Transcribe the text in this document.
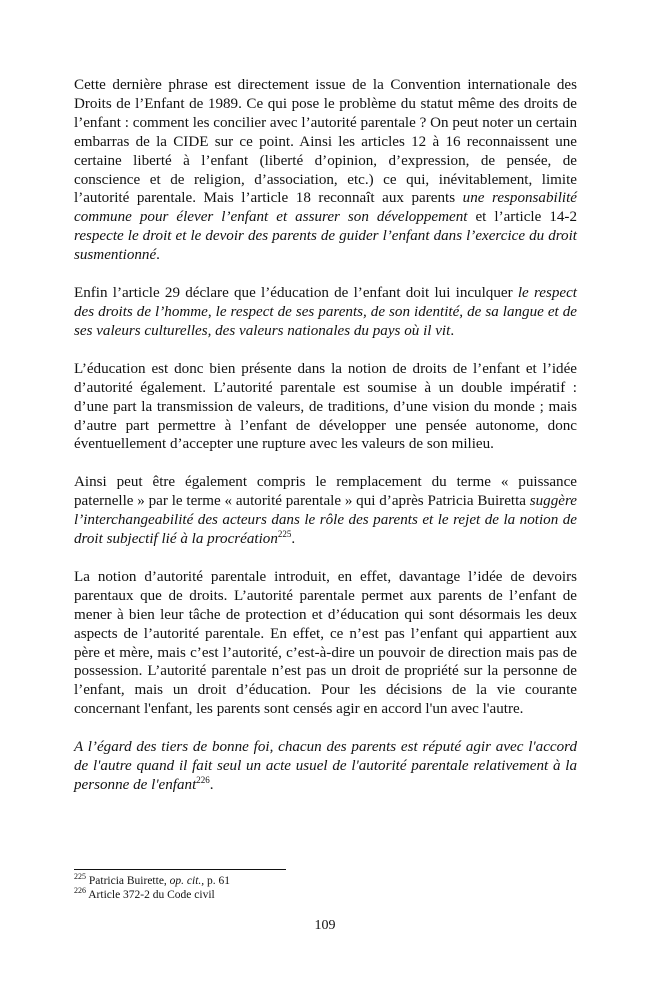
Cette dernière phrase est directement issue de la Convention internationale des Droits de l’Enfant de 1989. Ce qui pose le problème du statut même des droits de l’enfant : comment les concilier avec l’autorité parentale ? On peut noter un certain embarras de la CIDE sur ce point. Ainsi les articles 12 à 16 reconnaissent une certaine liberté à l’enfant (liberté d’opinion, d’expression, de pensée, de conscience et de religion, d’association, etc.) ce qui, inévitablement, limite l’autorité parentale. Mais l’article 18 reconnaît aux parents une responsabilité commune pour élever l’enfant et assurer son développement et l’article 14-2 respecte le droit et le devoir des parents de guider l’enfant dans l’exercice du droit susmentionné.

Enfin l’article 29 déclare que l’éducation de l’enfant doit lui inculquer le respect des droits de l’homme, le respect de ses parents, de son identité, de sa langue et de ses valeurs culturelles, des valeurs nationales du pays où il vit.

L’éducation est donc bien présente dans la notion de droits de l’enfant et l’idée d’autorité également. L’autorité parentale est soumise à un double impératif : d’une part la transmission de valeurs, de traditions, d’une vision du monde ; mais d’autre part permettre à l’enfant de développer une pensée autonome, donc éventuellement d’accepter une rupture avec les valeurs de son milieu.

Ainsi peut être également compris le remplacement du terme « puissance paternelle » par le terme « autorité parentale » qui d’après Patricia Buiretta suggère l’interchangeabilité des acteurs dans le rôle des parents et le rejet de la notion de droit subjectif lié à la procréation$^{225}$.

La notion d’autorité parentale introduit, en effet, davantage l’idée de devoirs parentaux que de droits. L’autorité parentale permet aux parents de l’enfant de mener à bien leur tâche de protection et d’éducation qui sont désormais les deux aspects de l’autorité parentale. En effet, ce n’est pas l’enfant qui appartient aux père et mère, mais c’est l’autorité, c’est-à-dire un pouvoir de direction mais pas de possession. L’autorité parentale n’est pas un droit de propriété sur la personne de l’enfant, mais un droit d’éducation. Pour les décisions de la vie courante concernant l'enfant, les parents sont censés agir en accord l'un avec l'autre.

A l’égard des tiers de bonne foi, chacun des parents est réputé agir avec l'accord de l'autre quand il fait seul un acte usuel de l'autorité parentale relativement à la personne de l'enfant$^{226}$.

$^{225}$ Patricia Buirette, op. cit., p. 61

$^{226}$ Article 372-2 du Code civil

109
